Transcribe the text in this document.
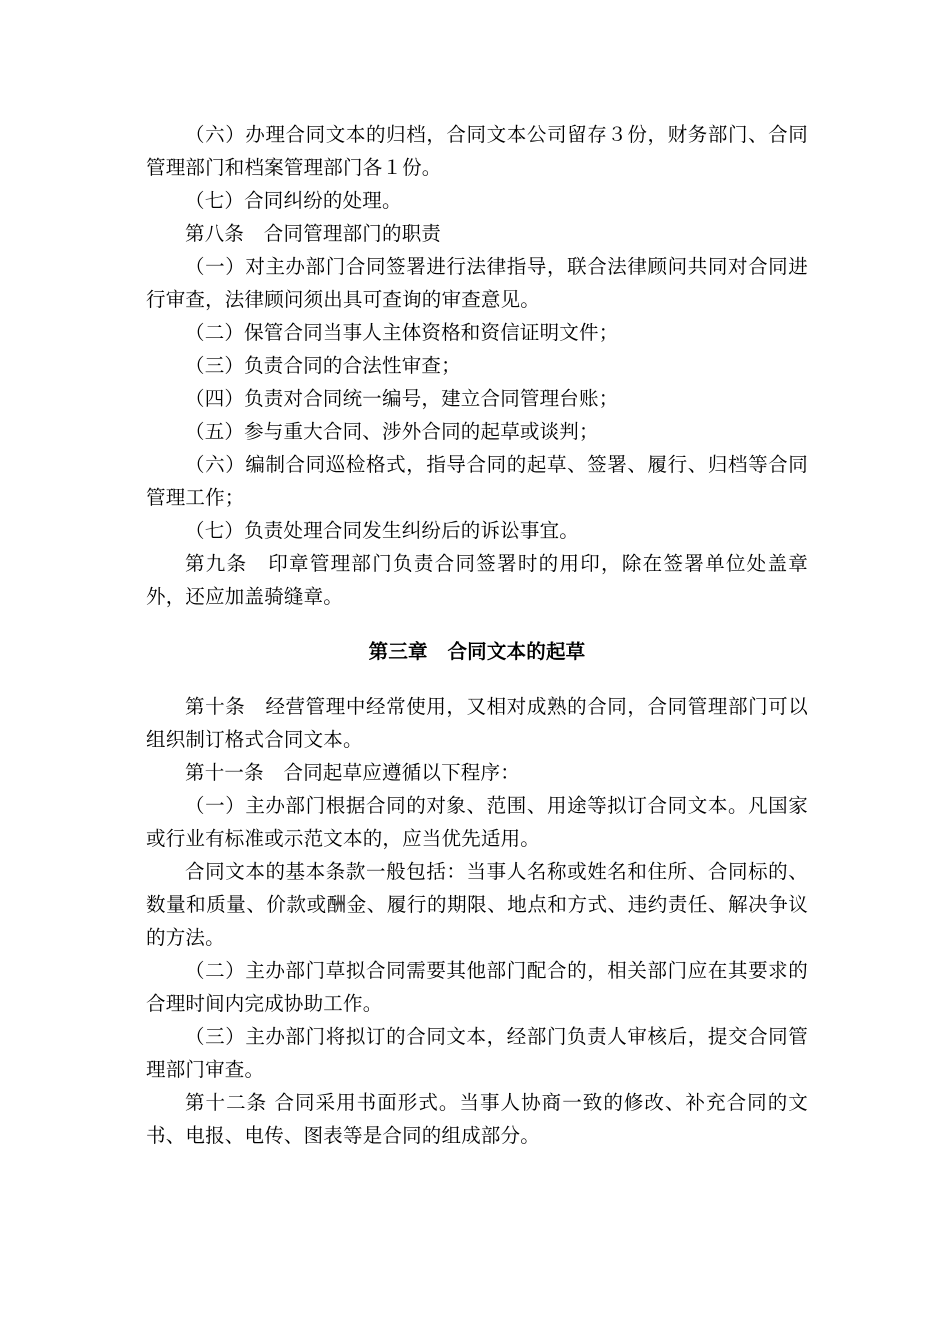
（六）办理合同文本的归档，合同文本公司留存３份，财务部门、合同管理部门和档案管理部门各１份。

（七）合同纠纷的处理。

第八条　合同管理部门的职责

（一）对主办部门合同签署进行法律指导，联合法律顾问共同对合同进行审查，法律顾问须出具可查询的审查意见。

（二）保管合同当事人主体资格和资信证明文件；

（三）负责合同的合法性审查；

（四）负责对合同统一编号，建立合同管理台账；

（五）参与重大合同、涉外合同的起草或谈判；

（六）编制合同巡检格式，指导合同的起草、签署、履行、归档等合同管理工作；

（七）负责处理合同发生纠纷后的诉讼事宜。

第九条　印章管理部门负责合同签署时的用印，除在签署单位处盖章外，还应加盖骑缝章。

第三章　合同文本的起草

第十条　经营管理中经常使用，又相对成熟的合同，合同管理部门可以组织制订格式合同文本。

第十一条　合同起草应遵循以下程序：

（一）主办部门根据合同的对象、范围、用途等拟订合同文本。凡国家或行业有标准或示范文本的，应当优先适用。

合同文本的基本条款一般包括：当事人名称或姓名和住所、合同标的、数量和质量、价款或酬金、履行的期限、地点和方式、违约责任、解决争议的方法。

（二）主办部门草拟合同需要其他部门配合的，相关部门应在其要求的合理时间内完成协助工作。

（三）主办部门将拟订的合同文本，经部门负责人审核后，提交合同管理部门审查。

第十二条 合同采用书面形式。当事人协商一致的修改、补充合同的文书、电报、电传、图表等是合同的组成部分。
